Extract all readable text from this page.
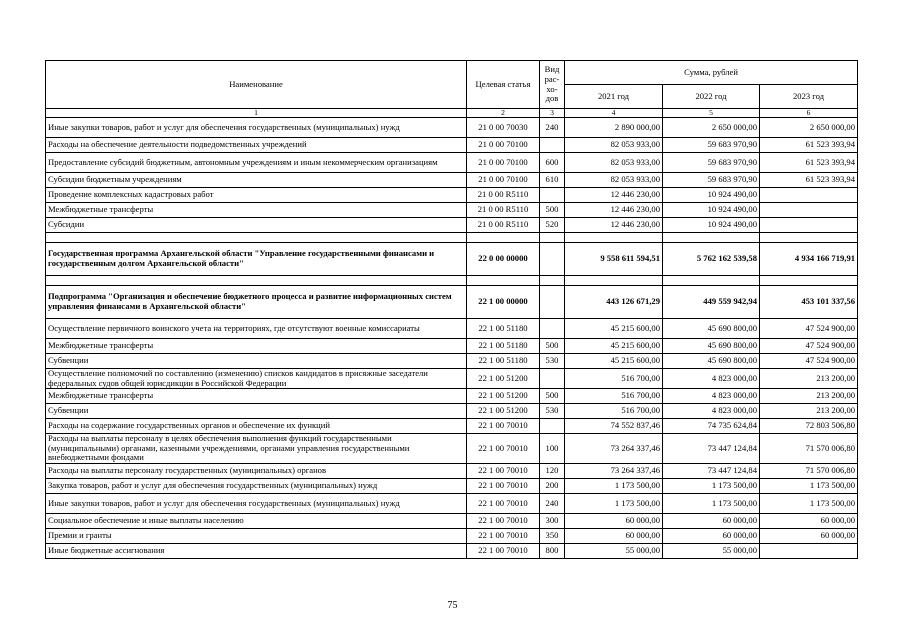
Наименование	Целевая статья	Вид рас-хо-дов	Сумма, рублей		
			2021 год	2022 год	2023 год
1	2	3	4	5	6
Иные закупки товаров, работ и услуг для обеспечения государственных (муниципальных) нужд	21 0 00 70030	240	2 890 000,00	2 650 000,00	2 650 000,00
Расходы на обеспечение деятельности подведомственных учреждений	21 0 00 70100		82 053 933,00	59 683 970,90	61 523 393,94
Предоставление субсидий бюджетным, автономным учреждениям и иным некоммерческим организациям	21 0 00 70100	600	82 053 933,00	59 683 970,90	61 523 393,94
Субсидии бюджетным учреждениям	21 0 00 70100	610	82 053 933,00	59 683 970,90	61 523 393,94
Проведение комплексных кадастровых работ	21 0 00 R5110		12 446 230,00	10 924 490,00	
Межбюджетные трансферты	21 0 00 R5110	500	12 446 230,00	10 924 490,00	
Субсидии	21 0 00 R5110	520	12 446 230,00	10 924 490,00	

Государственная программа Архангельской области "Управление государственными финансами и государственным долгом Архангельской области"	22 0 00 00000		9 558 611 594,51	5 762 162 539,58	4 934 166 719,91

Подпрограмма "Организация и обеспечение бюджетного процесса и развитие информационных систем управления финансами в Архангельской области"	22 1 00 00000		443 126 671,29	449 559 942,94	453 101 337,56
Осуществление первичного воинского учета на территориях, где отсутствуют военные комиссариаты	22 1 00 51180		45 215 600,00	45 690 800,00	47 524 900,00
Межбюджетные трансферты	22 1 00 51180	500	45 215 600,00	45 690 800,00	47 524 900,00
Субвенции	22 1 00 51180	530	45 215 600,00	45 690 800,00	47 524 900,00
Осуществление полномочий по составлению (изменению) списков кандидатов в присяжные заседатели федеральных судов общей юрисдикции в Российской Федерации	22 1 00 51200		516 700,00	4 823 000,00	213 200,00
Межбюджетные трансферты	22 1 00 51200	500	516 700,00	4 823 000,00	213 200,00
Субвенции	22 1 00 51200	530	516 700,00	4 823 000,00	213 200,00
Расходы на содержание государственных органов и обеспечение их функций	22 1 00 70010		74 552 837,46	74 735 624,84	72 803 506,80
Расходы на выплаты персоналу в целях обеспечения выполнения функций государственными (муниципальными) органами, казенными учреждениями, органами управления государственными внебюджетными фондами	22 1 00 70010	100	73 264 337,46	73 447 124,84	71 570 006,80
Расходы на выплаты персоналу государственных (муниципальных) органов	22 1 00 70010	120	73 264 337,46	73 447 124,84	71 570 006,80
Закупка товаров, работ и услуг для обеспечения государственных (муниципальных) нужд	22 1 00 70010	200	1 173 500,00	1 173 500,00	1 173 500,00
Иные закупки товаров, работ и услуг для обеспечения государственных (муниципальных) нужд	22 1 00 70010	240	1 173 500,00	1 173 500,00	1 173 500,00
Социальное обеспечение и иные выплаты населению	22 1 00 70010	300	60 000,00	60 000,00	60 000,00
Премии и гранты	22 1 00 70010	350	60 000,00	60 000,00	60 000,00
Иные бюджетные ассигнования	22 1 00 70010	800	55 000,00	55 000,00	
75
